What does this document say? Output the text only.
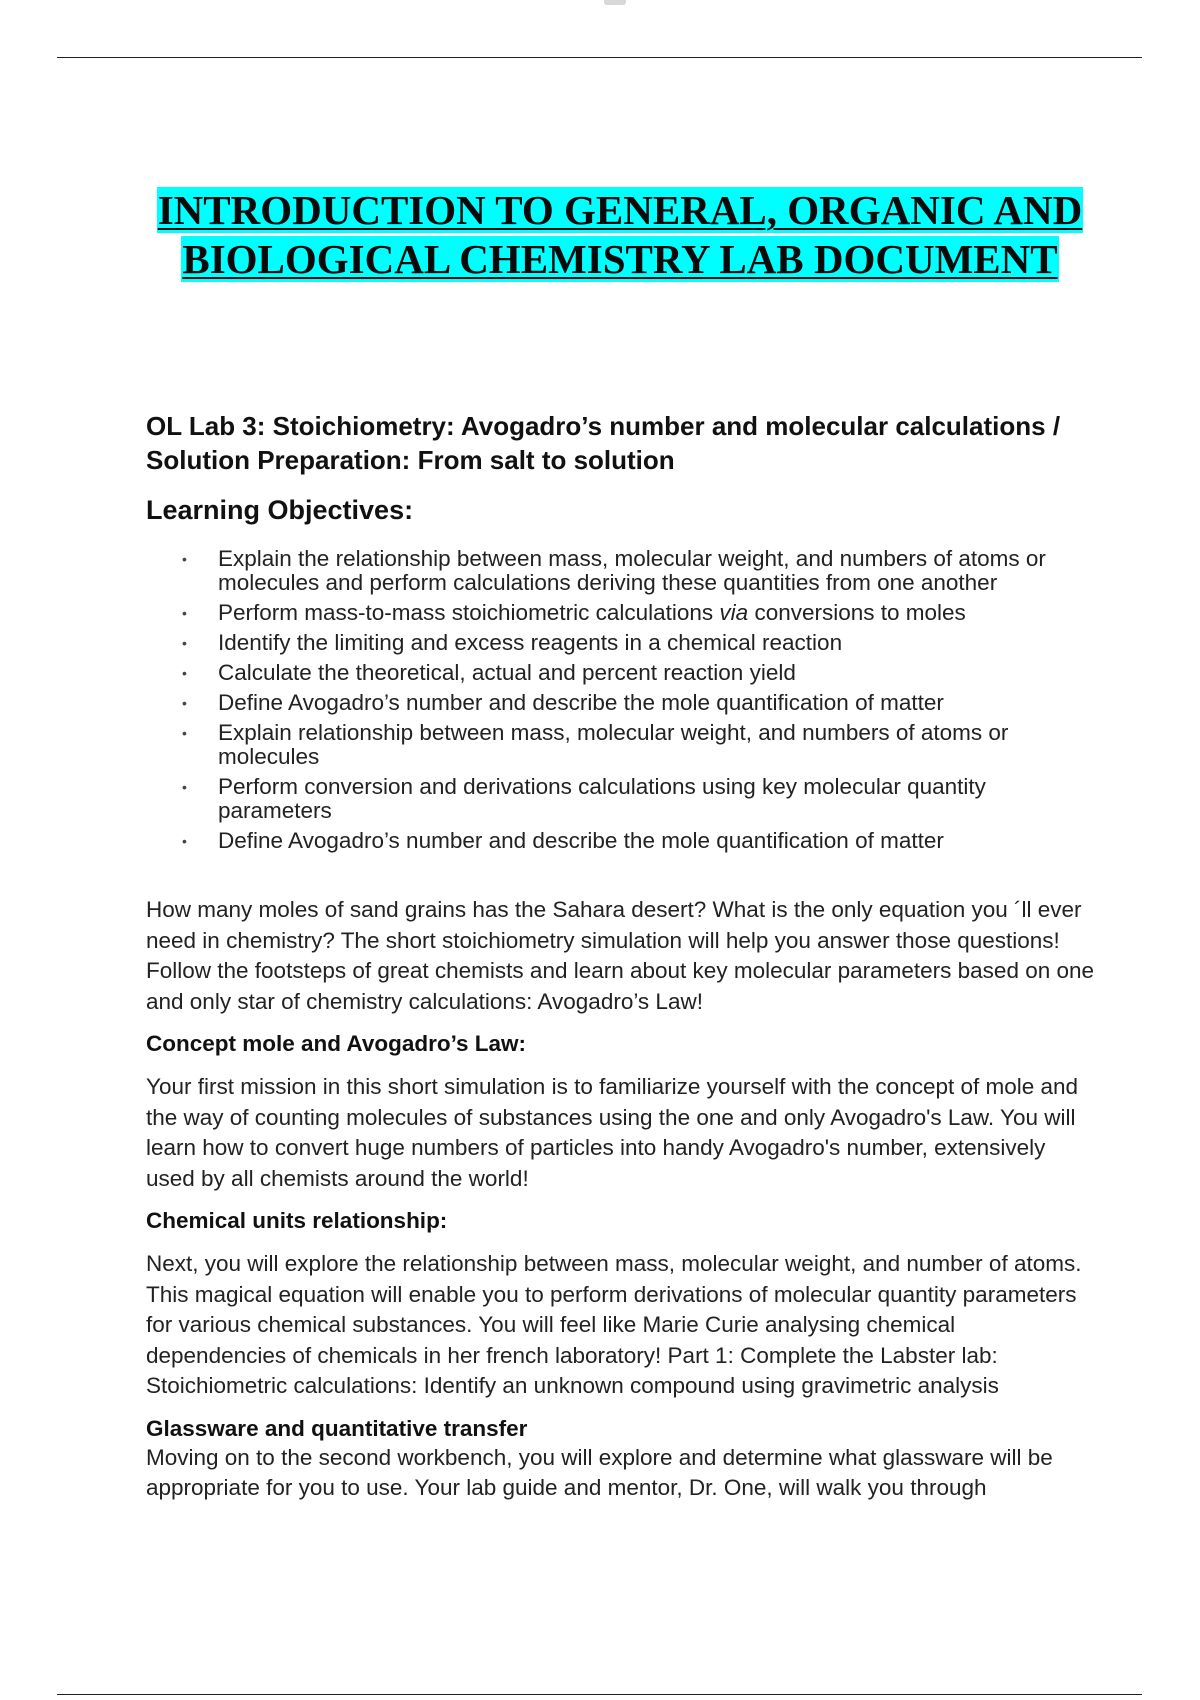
INTRODUCTION TO GENERAL, ORGANIC AND
BIOLOGICAL CHEMISTRY LAB DOCUMENT
OL Lab 3: Stoichiometry: Avogadro’s number and molecular calculations / Solution Preparation: From salt to solution
Learning Objectives:
• Explain the relationship between mass, molecular weight, and numbers of atoms or molecules and perform calculations deriving these quantities from one another
• Perform mass-to-mass stoichiometric calculations via conversions to moles
• Identify the limiting and excess reagents in a chemical reaction
• Calculate the theoretical, actual and percent reaction yield
• Define Avogadro’s number and describe the mole quantification of matter
• Explain relationship between mass, molecular weight, and numbers of atoms or molecules
• Perform conversion and derivations calculations using key molecular quantity parameters
• Define Avogadro’s number and describe the mole quantification of matter

How many moles of sand grains has the Sahara desert? What is the only equation you ´ll ever need in chemistry? The short stoichiometry simulation will help you answer those questions! Follow the footsteps of great chemists and learn about key molecular parameters based on one and only star of chemistry calculations: Avogadro’s Law!

Concept mole and Avogadro’s Law:

Your first mission in this short simulation is to familiarize yourself with the concept of mole and the way of counting molecules of substances using the one and only Avogadro's Law. You will learn how to convert huge numbers of particles into handy Avogadro's number, extensively used by all chemists around the world!

Chemical units relationship:

Next, you will explore the relationship between mass, molecular weight, and number of atoms. This magical equation will enable you to perform derivations of molecular quantity parameters for various chemical substances. You will feel like Marie Curie analysing chemical dependencies of chemicals in her french laboratory! Part 1: Complete the Labster lab: Stoichiometric calculations: Identify an unknown compound using gravimetric analysis

Glassware and quantitative transfer

Moving on to the second workbench, you will explore and determine what glassware will be appropriate for you to use. Your lab guide and mentor, Dr. One, will walk you through
